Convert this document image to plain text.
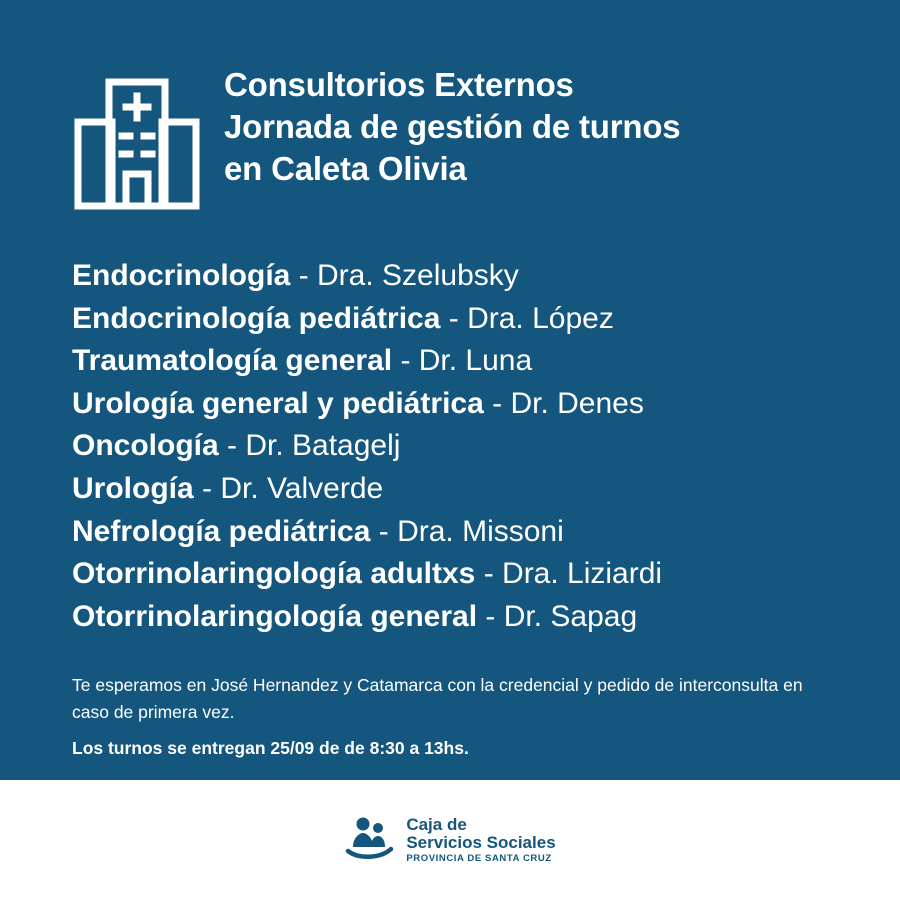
Consultorios Externos
Jornada de gestión de turnos
en Caleta Olivia
Endocrinología - Dra. Szelubsky
Endocrinología pediátrica - Dra. López
Traumatología general - Dr. Luna
Urología general y pediátrica - Dr. Denes
Oncología - Dr. Batagelj
Urología - Dr. Valverde
Nefrología pediátrica - Dra. Missoni
Otorrinolaringología adultxs - Dra. Liziardi
Otorrinolaringología general - Dr. Sapag
Te esperamos en José Hernandez y Catamarca con la credencial y pedido de interconsulta en caso de primera vez.
Los turnos se entregan 25/09 de de 8:30 a 13hs.
Caja de
Servicios Sociales
PROVINCIA DE SANTA CRUZ
